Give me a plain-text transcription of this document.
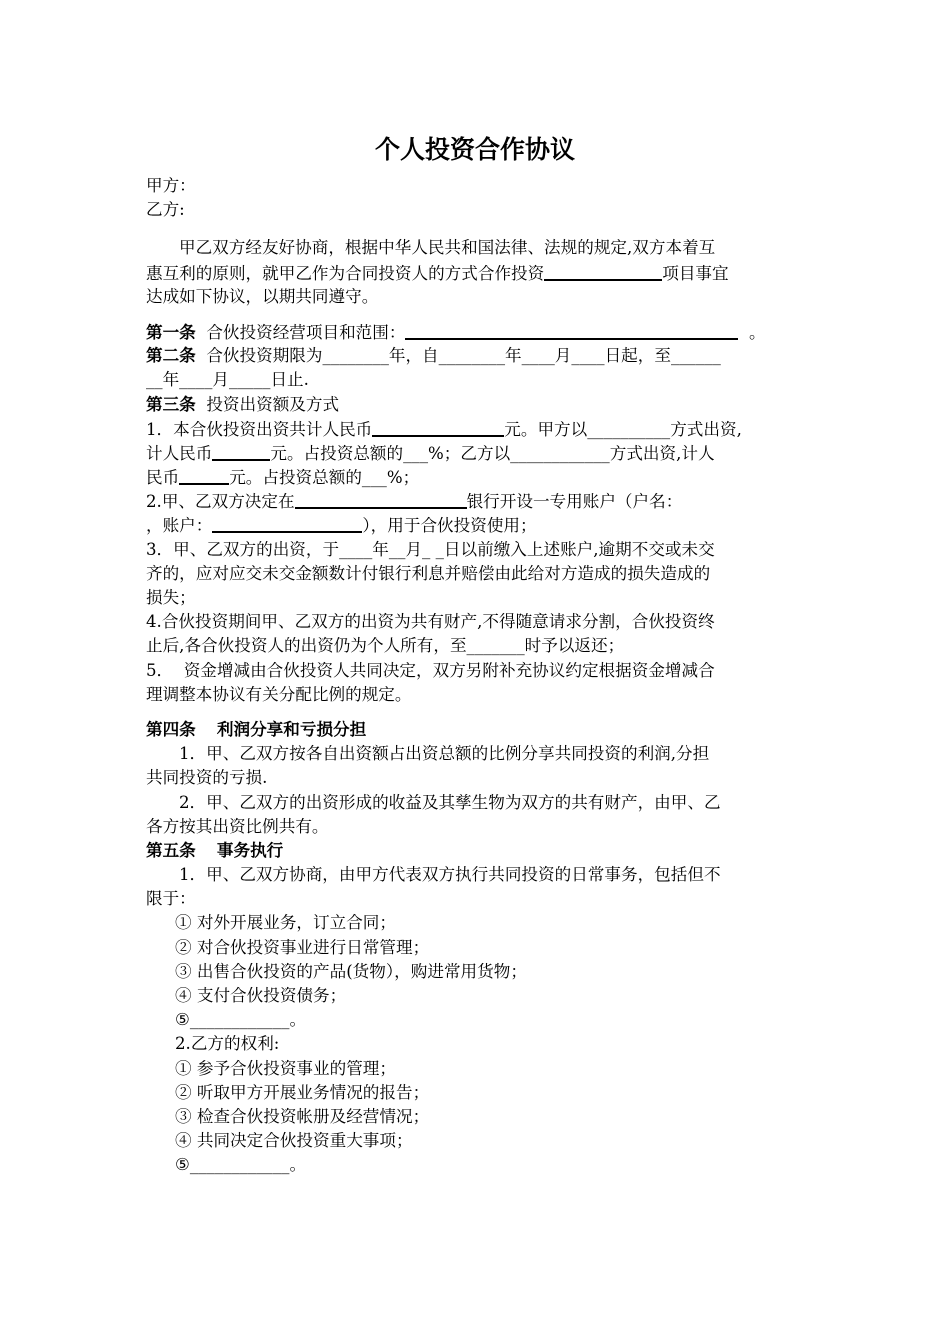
个人投资合作协议
甲方：
乙方:
甲乙双方经友好协商，根据中华人民共和国法律、法规的规定,双方本着互
惠互利的原则，就甲乙作为合同投资人的方式合作投资	项目事宜
达成如下协议，以期共同遵守。
第一条 合伙投资经营项目和范围：	。
第二条 合伙投资期限为________年，自________年____月____日起，至______
__年____月_____日止.
第三条 投资出资额及方式
1．本合伙投资出资共计人民币	元。甲方以__________方式出资,
计人民币	元。占投资总额的___%；乙方以____________方式出资,计人
民币	元。占投资总额的___%；
2.甲、乙双方决定在	银行开设一专用账户（户名：
，账户：	），用于合伙投资使用；
3．甲、乙双方的出资，于____年__月_ _日以前缴入上述账户,逾期不交或未交
齐的，应对应交未交金额数计付银行利息并赔偿由此给对方造成的损失造成的
损失；
4.合伙投资期间甲、乙双方的出资为共有财产,不得随意请求分割，合伙投资终
止后,各合伙投资人的出资仍为个人所有，至_______时予以返还；
5．  资金增减由合伙投资人共同决定，双方另附补充协议约定根据资金增减合
理调整本协议有关分配比例的规定。
第四条 利润分享和亏损分担
1．甲、乙双方按各自出资额占出资总额的比例分享共同投资的利润,分担
共同投资的亏损.
2．甲、乙双方的出资形成的收益及其孳生物为双方的共有财产，由甲、乙
各方按其出资比例共有。
第五条 事务执行
1．甲、乙双方协商，由甲方代表双方执行共同投资的日常事务，包括但不
限于：
① 对外开展业务，订立合同；
② 对合伙投资事业进行日常管理；
③ 出售合伙投资的产品(货物），购进常用货物；
④ 支付合伙投资债务；
⑤____________。
2.乙方的权利:
① 参予合伙投资事业的管理；
② 听取甲方开展业务情况的报告；
③ 检查合伙投资帐册及经营情况；
④ 共同决定合伙投资重大事项；
⑤____________。
